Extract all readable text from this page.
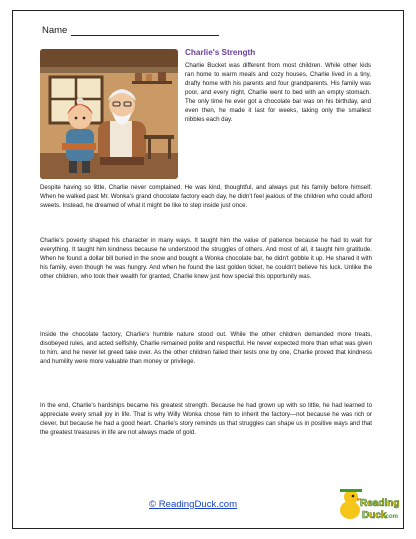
Name
Charlie's Strength

Charlie Bucket was different from most children. While other kids ran home to warm meals and cozy houses, Charlie lived in a tiny, drafty home with his parents and four grandparents. His family was poor, and every night, Charlie went to bed with an empty stomach. The only time he ever got a chocolate bar was on his birthday, and even then, he made it last for weeks, taking only the smallest nibbles each day.

Despite having so little, Charlie never complained. He was kind, thoughtful, and always put his family before himself. When he walked past Mr. Wonka's grand chocolate factory each day, he didn't feel jealous of the children who could afford sweets. Instead, he dreamed of what it might be like to step inside just once.

Charlie's poverty shaped his character in many ways. It taught him the value of patience because he had to wait for everything. It taught him kindness because he understood the struggles of others. And most of all, it taught him gratitude. When he found a dollar bill buried in the snow and bought a Wonka chocolate bar, he didn't gobble it up. He shared it with his family, even though he was hungry. And when he found the last golden ticket, he couldn't believe his luck. Unlike the other children, who took their wealth for granted, Charlie knew just how special this opportunity was.

Inside the chocolate factory, Charlie's humble nature stood out. While the other children demanded more treats, disobeyed rules, and acted selfishly, Charlie remained polite and respectful. He never expected more than what was given to him, and he never let greed take over. As the other children failed their tests one by one, Charlie proved that kindness and humility were more valuable than money or privilege.

In the end, Charlie's hardships became his greatest strength. Because he had grown up with so little, he had learned to appreciate every small joy in life. That is why Willy Wonka chose him to inherit the factory—not because he was rich or clever, but because he had a good heart. Charlie's story reminds us that struggles can shape us in positive ways and that the greatest treasures in life are not always made of gold.

© ReadingDuck.com	Reading
Duck
.com
